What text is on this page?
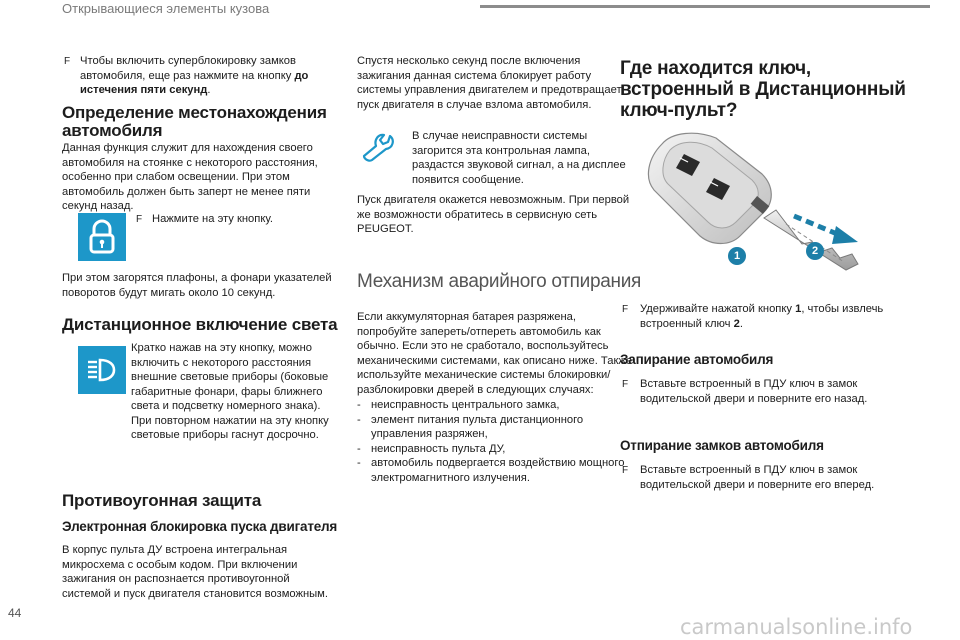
Открывающиеся элементы кузова
F Чтобы включить суперблокировку замков автомобиля, еще раз нажмите на кнопку до истечения пяти секунд.

Определение местонахождения
автомобиля

Данная функция служит для нахождения своего автомобиля на стоянке с некоторого расстояния, особенно при слабом освещении. При этом автомобиль должен быть заперт не менее пяти секунд назад.

F Нажмите на эту кнопку.

При этом загорятся плафоны, а фонари указателей поворотов будут мигать около 10 секунд.

Дистанционное включение света

Кратко нажав на эту кнопку, можно включить с некоторого расстояния внешние световые приборы (боковые габаритные фонари, фары ближнего света и подсветку номерного знака). При повторном нажатии на эту кнопку световые приборы гаснут досрочно.

Противоугонная защита
Электронная блокировка пуска двигателя

В корпус пульта ДУ встроена интегральная микросхема с особым кодом. При включении зажигания он распознается противоугонной системой и пуск двигателя становится возможным.

Спустя несколько секунд после включения зажигания данная система блокирует работу системы управления двигателем и предотвращает пуск двигателя в случае взлома автомобиля.

В случае неисправности системы загорится эта контрольная лампа, раздастся звуковой сигнал, а на дисплее появится сообщение.

Пуск двигателя окажется невозможным. При первой же возможности обратитесь в сервисную сеть PEUGEOT.

Механизм аварийного отпирания

Если аккумуляторная батарея разряжена, попробуйте запереть/отпереть автомобиль как обычно. Если это не сработало, воспользуйтесь механическими системами, как описано ниже. Также используйте механические системы блокировки/разблокировки дверей в следующих случаях:

- неисправность центрального замка,
- элемент питания пульта дистанционного управления разряжен,
- неисправность пульта ДУ,
- автомобиль подвергается воздействию мощного электромагнитного излучения.
Где находится ключ,
встроенный в Дистанционный
ключ-пульт?
1	2
F Удерживайте нажатой кнопку 1, чтобы извлечь встроенный ключ 2.

Запирание автомобиля
F Вставьте встроенный в ПДУ ключ в замок водительской двери и поверните его назад.

Отпирание замков автомобиля
F Вставьте встроенный в ПДУ ключ в замок водительской двери и поверните его вперед.

44
carmanualsonline.info
